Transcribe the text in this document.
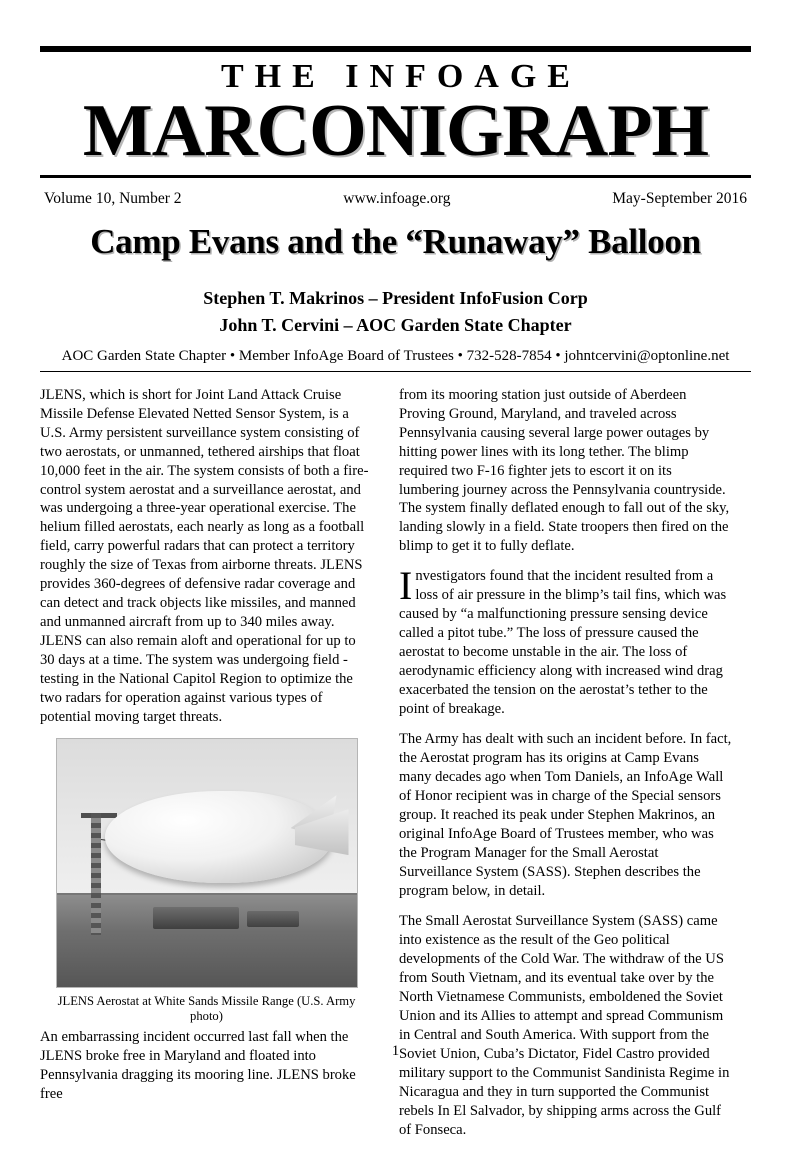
THE INFOAGE
MARCONIGRAPH
Volume 10, Number 2	www.infoage.org	May-September 2016
Camp Evans and the “Runaway” Balloon
Stephen T. Makrinos – President InfoFusion Corp
John T. Cervini – AOC Garden State Chapter
AOC Garden State Chapter • Member InfoAge Board of Trustees • 732-528-7854 • johntcervini@optonline.net

JLENS, which is short for Joint Land Attack Cruise Missile Defense Elevated Netted Sensor System, is a U.S. Army persistent surveillance system consisting of two aerostats, or unmanned, tethered airships that float 10,000 feet in the air. The system consists of both a fire-control system aerostat and a surveillance aerostat, and was undergoing a three-year operational exercise. The helium filled aerostats, each nearly as long as a football field, carry powerful radars that can protect a territory roughly the size of Texas from airborne threats. JLENS provides 360-degrees of defensive radar coverage and can detect and track objects like missiles, and manned and unmanned aircraft from up to 340 miles away. JLENS can also remain aloft and operational for up to 30 days at a time. The system was undergoing field - testing in the National Capitol Region to optimize the two radars for operation against various types of potential moving target threats.

JLENS Aerostat at White Sands Missile Range (U.S. Army photo)

An embarrassing incident occurred last fall when the JLENS broke free in Maryland and floated into Pennsylvania dragging its mooring line. JLENS broke free

from its mooring station just outside of Aberdeen Proving Ground, Maryland, and traveled across Pennsylvania causing several large power outages by hitting power lines with its long tether. The blimp required two F-16 fighter jets to escort it on its lumbering journey across the Pennsylvania countryside. The system finally deflated enough to fall out of the sky, landing slowly in a field. State troopers then fired on the blimp to get it to fully deflate.

Investigators found that the incident resulted from a loss of air pressure in the blimp’s tail fins, which was caused by “a malfunctioning pressure sensing device called a pitot tube.” The loss of pressure caused the aerostat to become unstable in the air. The loss of aerodynamic efficiency along with increased wind drag exacerbated the tension on the aerostat’s tether to the point of breakage.

The Army has dealt with such an incident before. In fact, the Aerostat program has its origins at Camp Evans many decades ago when Tom Daniels, an InfoAge Wall of Honor recipient was in charge of the Special sensors group. It reached its peak under Stephen Makrinos, an original InfoAge Board of Trustees member, who was the Program Manager for the Small Aerostat Surveillance System (SASS). Stephen describes the program below, in detail.

The Small Aerostat Surveillance System (SASS) came into existence as the result of the Geo political developments of the Cold War. The withdraw of the US from South Vietnam, and its eventual take over by the North Vietnamese Communists, emboldened the Soviet Union and its Allies to attempt and spread Communism in Central and South America. With support from the Soviet Union, Cuba’s Dictator, Fidel Castro provided military support to the Communist Sandinista Regime in Nicaragua and they in turn supported the Communist rebels In El Salvador, by shipping arms across the Gulf of Fonseca.

1
